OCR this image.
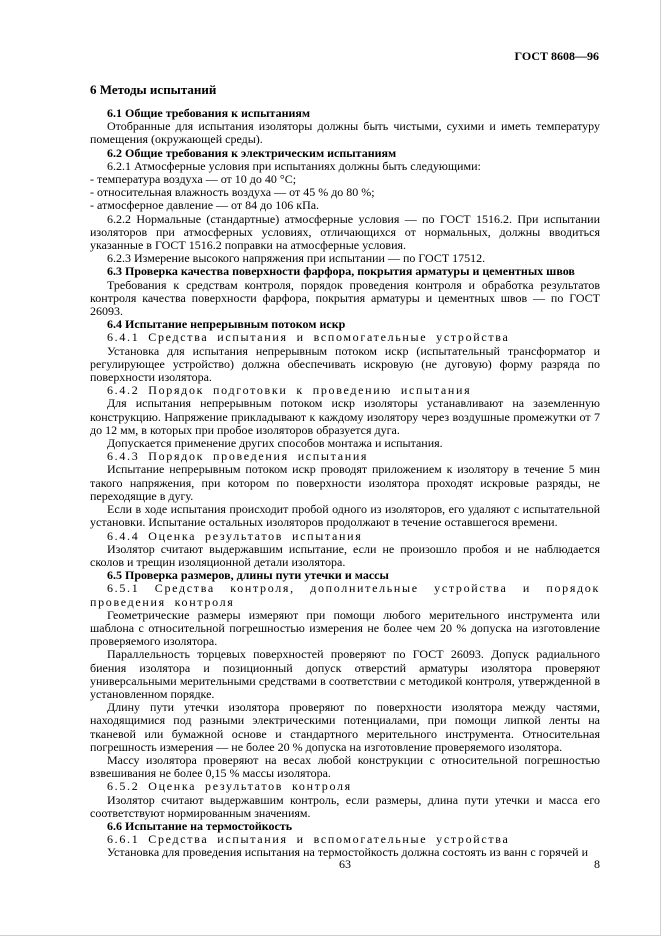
ГОСТ 8608—96
6 Методы испытаний

6.1 Общие требования к испытаниям

Отобранные для испытания изоляторы должны быть чистыми, сухими и иметь температуру помещения (окружающей среды).

6.2 Общие требования к электрическим испытаниям

6.2.1 Атмосферные условия при испытаниях должны быть следующими:

- температура воздуха — от 10 до 40 °С;

- относительная влажность воздуха — от 45 % до 80 %;

- атмосферное давление — от 84 до 106 кПа.

6.2.2 Нормальные (стандартные) атмосферные условия — по ГОСТ 1516.2. При испытании изоляторов при атмосферных условиях, отличающихся от нормальных, должны вводиться указанные в ГОСТ 1516.2 поправки на атмосферные условия.

6.2.3 Измерение высокого напряжения при испытании — по ГОСТ 17512.

6.3 Проверка качества поверхности фарфора, покрытия арматуры и цементных швов

Требования к средствам контроля, порядок проведения контроля и обработка результатов контроля качества поверхности фарфора, покрытия арматуры и цементных швов — по ГОСТ 26093.

6.4 Испытание непрерывным потоком искр

6.4.1 Средства испытания и вспомогательные устройства

Установка для испытания непрерывным потоком искр (испытательный трансформатор и регулирующее устройство) должна обеспечивать искровую (не дуговую) форму разряда по поверхности изолятора.

6.4.2 Порядок подготовки к проведению испытания

Для испытания непрерывным потоком искр изоляторы устанавливают на заземленную конструкцию. Напряжение прикладывают к каждому изолятору через воздушные промежутки от 7 до 12 мм, в которых при пробое изоляторов образуется дуга.

Допускается применение других способов монтажа и испытания.

6.4.3 Порядок проведения испытания

Испытание непрерывным потоком искр проводят приложением к изолятору в течение 5 мин такого напряжения, при котором по поверхности изолятора проходят искровые разряды, не переходящие в дугу.

Если в ходе испытания происходит пробой одного из изоляторов, его удаляют с испытательной установки. Испытание остальных изоляторов продолжают в течение оставшегося времени.

6.4.4 Оценка результатов испытания

Изолятор считают выдержавшим испытание, если не произошло пробоя и не наблюдается сколов и трещин изоляционной детали изолятора.

6.5 Проверка размеров, длины пути утечки и массы

6.5.1 Средства контроля, дополнительные устройства и порядок проведения контроля

Геометрические размеры измеряют при помощи любого мерительного инструмента или шаблона с относительной погрешностью измерения не более чем 20 % допуска на изготовление проверяемого изолятора.

Параллельность торцевых поверхностей проверяют по ГОСТ 26093. Допуск радиального биения изолятора и позиционный допуск отверстий арматуры изолятора проверяют универсальными мерительными средствами в соответствии с методикой контроля, утвержденной в установленном порядке.

Длину пути утечки изолятора проверяют по поверхности изолятора между частями, находящимися под разными электрическими потенциалами, при помощи липкой ленты на тканевой или бумажной основе и стандартного мерительного инструмента. Относительная погрешность измерения — не более 20 % допуска на изготовление проверяемого изолятора.

Массу изолятора проверяют на весах любой конструкции с относительной погрешностью взвешивания не более 0,15 % массы изолятора.

6.5.2 Оценка результатов контроля

Изолятор считают выдержавшим контроль, если размеры, длина пути утечки и масса его соответствуют нормированным значениям.

6.6 Испытание на термостойкость

6.6.1 Средства испытания и вспомогательные устройства

Установка для проведения испытания на термостойкость должна состоять из ванн с горячей и

63	8
